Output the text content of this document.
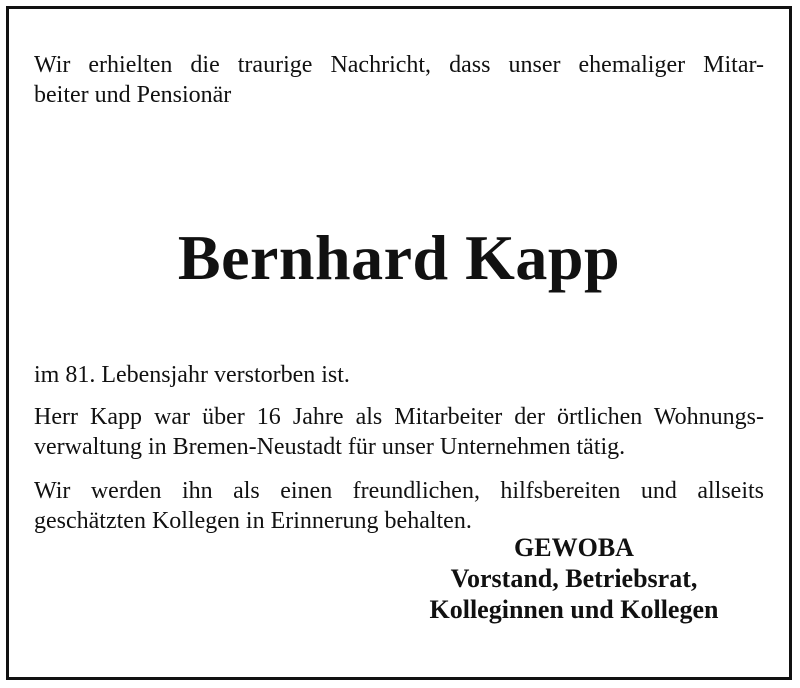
Wir erhielten die traurige Nachricht, dass unser ehemaliger Mitar-
beiter und Pensionär

Bernhard Kapp

im 81. Lebensjahr verstorben ist.

Herr Kapp war über 16 Jahre als Mitarbeiter der örtlichen Wohnungs-
verwaltung in Bremen-Neustadt für unser Unternehmen tätig.

Wir werden ihn als einen freundlichen, hilfsbereiten und allseits
geschätzten Kollegen in Erinnerung behalten.

GEWOBA
Vorstand, Betriebsrat,
Kolleginnen und Kollegen
